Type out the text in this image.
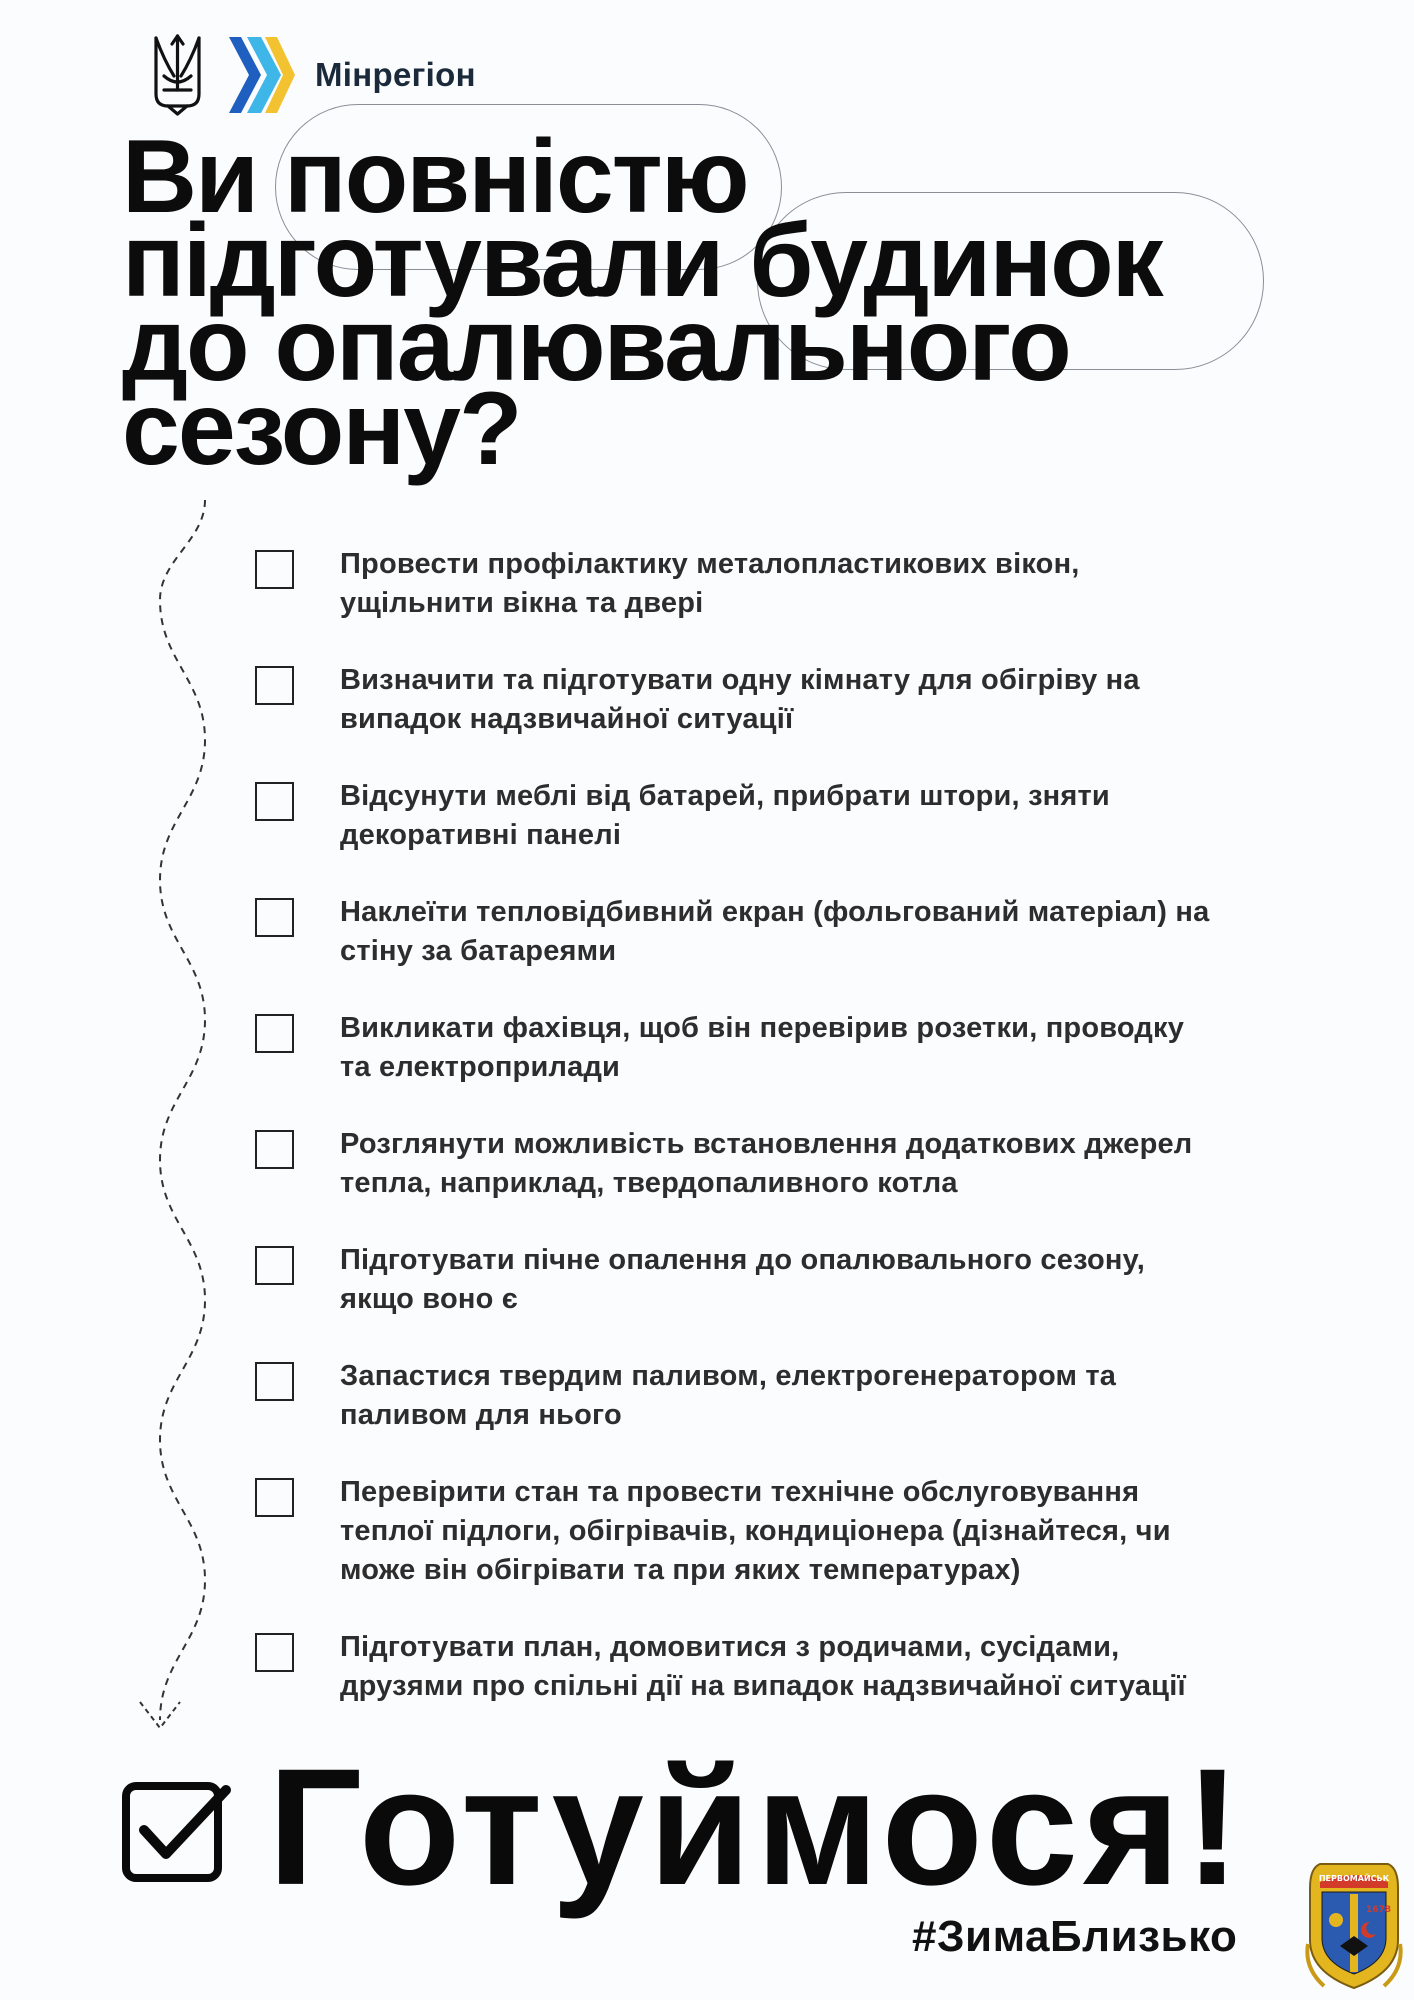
Мінрегіон
Ви повністю
підготували будинок
до опалювального
сезону?
Провести профілактику металопластикових вікон,
ущільнити вікна та двері
Визначити та підготувати одну кімнату для обігріву на
випадок надзвичайної ситуації
Відсунути меблі від батарей, прибрати штори, зняти
декоративні панелі
Наклеїти тепловідбивний екран (фольгований матеріал) на
стіну за батареями
Викликати фахівця, щоб він перевірив розетки, проводку
та електроприлади
Розглянути можливість встановлення додаткових джерел
тепла, наприклад, твердопаливного котла
Підготувати пічне опалення до опалювального сезону,
якщо воно є
Запастися твердим паливом, електрогенератором та
паливом для нього
Перевірити стан та провести технічне обслуговування
теплої підлоги, обігрівачів, кондиціонера (дізнайтеся, чи
може він обігрівати та при яких температурах)
Підготувати план, домовитися з родичами, сусідами,
друзями про спільні дії на випадок надзвичайної ситуації
Готуймося!
#ЗимаБлизько
ПЕРВОМАЙСЬК
1678
